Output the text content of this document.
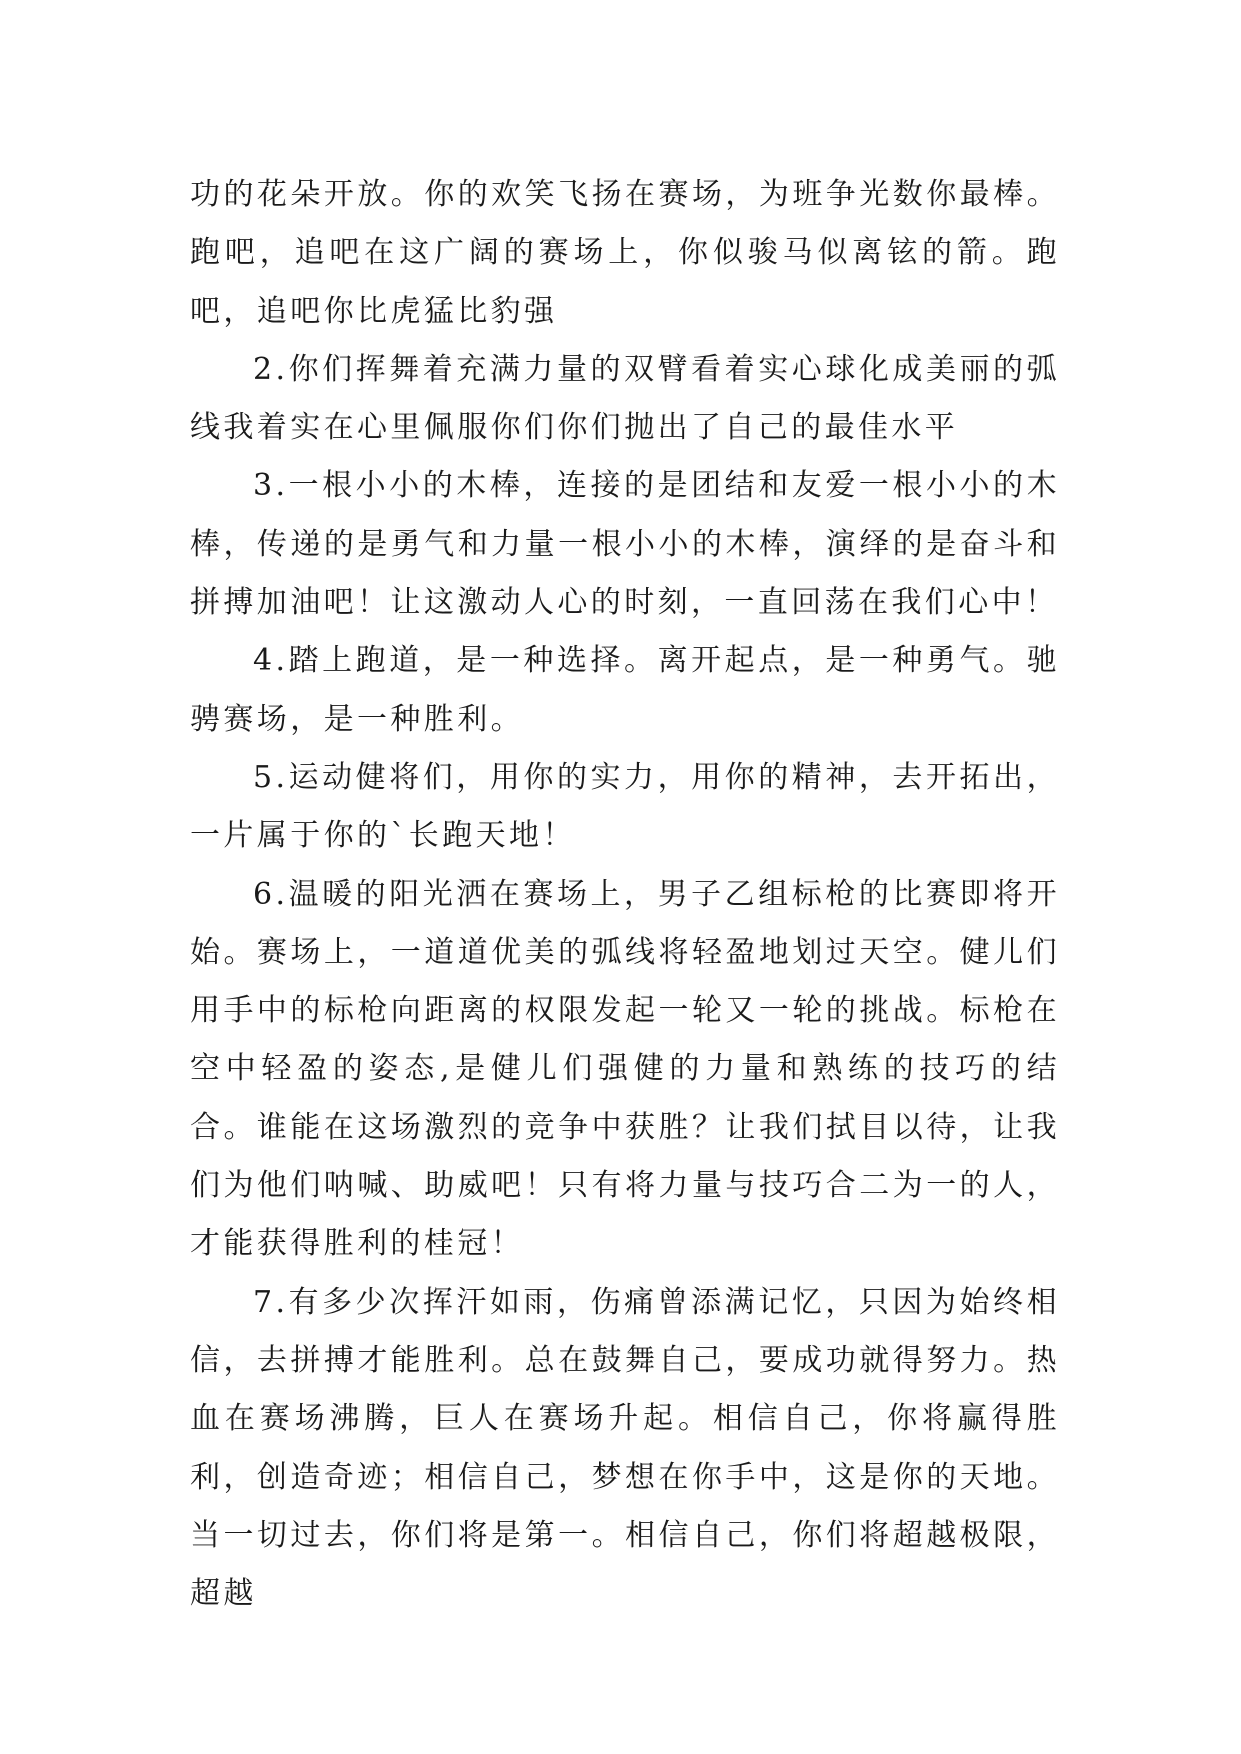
功的花朵开放。你的欢笑飞扬在赛场，为班争光数你最棒。跑吧，追吧在这广阔的赛场上，你似骏马似离铉的箭。跑吧，追吧你比虎猛比豹强

2.你们挥舞着充满力量的双臂看着实心球化成美丽的弧线我着实在心里佩服你们你们抛出了自己的最佳水平

3.一根小小的木棒，连接的是团结和友爱一根小小的木棒，传递的是勇气和力量一根小小的木棒，演绎的是奋斗和拼搏加油吧！让这激动人心的时刻，一直回荡在我们心中！

4.踏上跑道，是一种选择。离开起点，是一种勇气。驰骋赛场，是一种胜利。

5.运动健将们，用你的实力，用你的精神，去开拓出，一片属于你的`长跑天地！

6.温暖的阳光洒在赛场上，男子乙组标枪的比赛即将开始。赛场上，一道道优美的弧线将轻盈地划过天空。健儿们用手中的标枪向距离的权限发起一轮又一轮的挑战。标枪在空中轻盈的姿态,是健儿们强健的力量和熟练的技巧的结合。谁能在这场激烈的竞争中获胜？让我们拭目以待，让我们为他们呐喊、助威吧！只有将力量与技巧合二为一的人，才能获得胜利的桂冠！

7.有多少次挥汗如雨，伤痛曾添满记忆，只因为始终相信，去拼搏才能胜利。总在鼓舞自己，要成功就得努力。热血在赛场沸腾，巨人在赛场升起。相信自己，你将赢得胜利，创造奇迹；相信自己，梦想在你手中，这是你的天地。当一切过去，你们将是第一。相信自己，你们将超越极限，超越
